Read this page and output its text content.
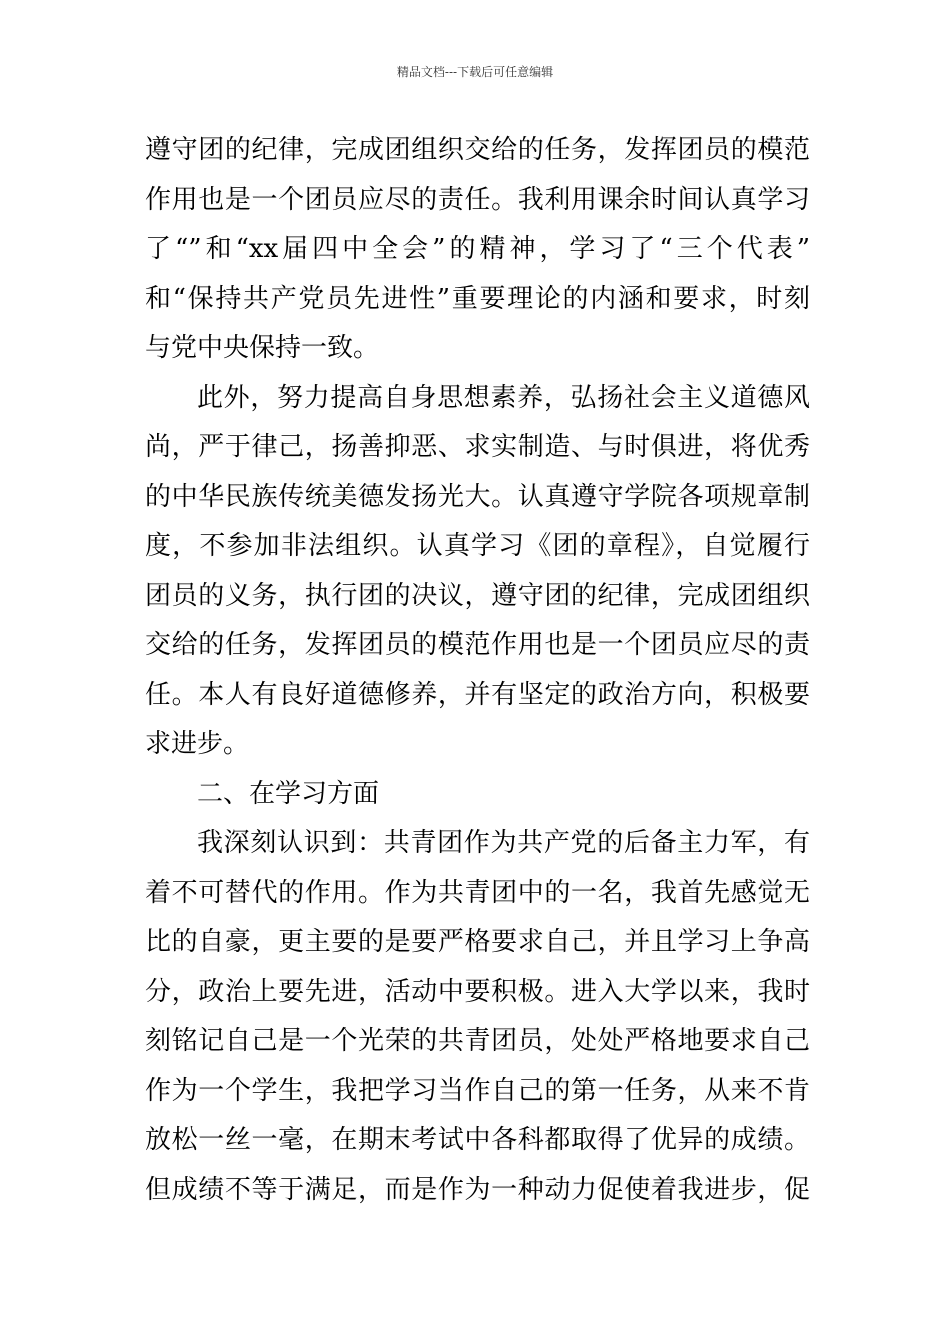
精品文档---下载后可任意编辑
遵守团的纪律，完成团组织交给的任务，发挥团员的模范
作用也是一个团员应尽的责任。我利用课余时间认真学习
了“”和“xx届四中全会”的精神，学习了“三个代表”
和“保持共产党员先进性”重要理论的内涵和要求，时刻
与党中央保持一致。
此外，努力提高自身思想素养，弘扬社会主义道德风
尚，严于律己，扬善抑恶、求实制造、与时俱进，将优秀
的中华民族传统美德发扬光大。认真遵守学院各项规章制
度，不参加非法组织。认真学习《团的章程》，自觉履行
团员的义务，执行团的决议，遵守团的纪律，完成团组织
交给的任务，发挥团员的模范作用也是一个团员应尽的责
任。本人有良好道德修养，并有坚定的政治方向，积极要
求进步。
二、在学习方面
我深刻认识到：共青团作为共产党的后备主力军，有
着不可替代的作用。作为共青团中的一名，我首先感觉无
比的自豪，更主要的是要严格要求自己，并且学习上争高
分，政治上要先进，活动中要积极。进入大学以来，我时
刻铭记自己是一个光荣的共青团员，处处严格地要求自己
作为一个学生，我把学习当作自己的第一任务，从来不肯
放松一丝一毫，在期末考试中各科都取得了优异的成绩。
但成绩不等于满足，而是作为一种动力促使着我进步，促
